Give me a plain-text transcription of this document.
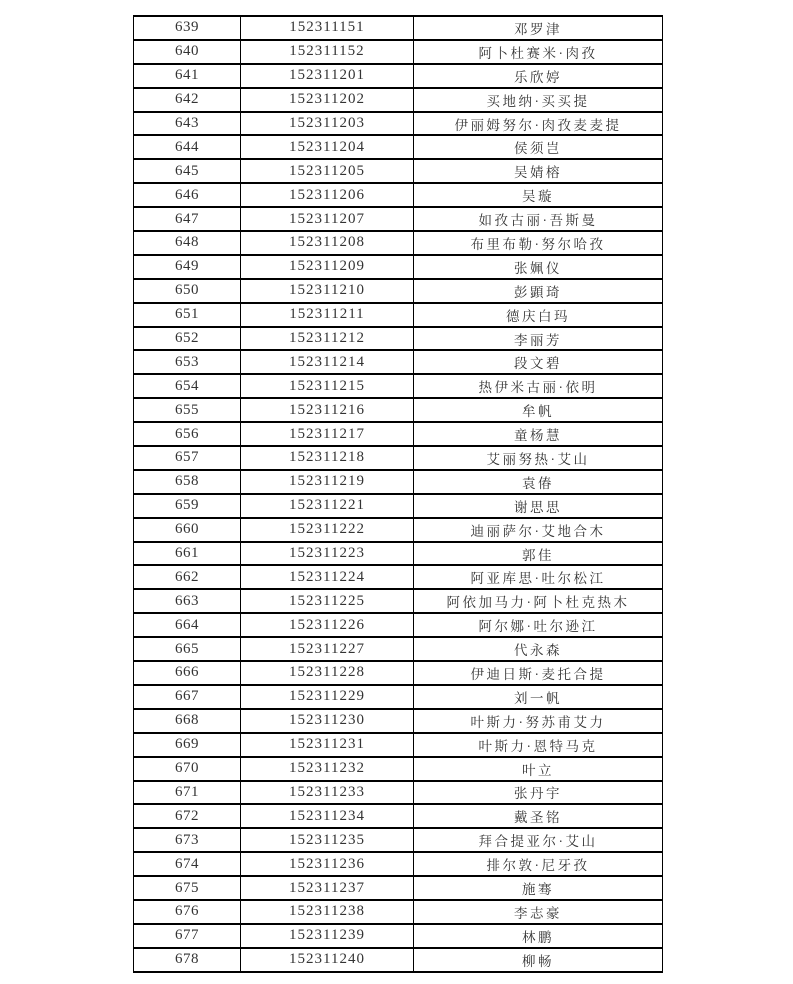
639	152311151	邓罗津
640	152311152	阿卜杜赛米·肉孜
641	152311201	乐欣婷
642	152311202	买地纳·买买提
643	152311203	伊丽姆努尔·肉孜麦麦提
644	152311204	侯须岂
645	152311205	吴婧榕
646	152311206	吴璇
647	152311207	如孜古丽·吾斯曼
648	152311208	布里布勒·努尔哈孜
649	152311209	张姵仪
650	152311210	彭顕琦
651	152311211	德庆白玛
652	152311212	李丽芳
653	152311214	段文碧
654	152311215	热伊米古丽·依明
655	152311216	牟帆
656	152311217	童杨慧
657	152311218	艾丽努热·艾山
658	152311219	袁偆
659	152311221	谢思思
660	152311222	迪丽萨尔·艾地合木
661	152311223	郭佳
662	152311224	阿亚库思·吐尔松江
663	152311225	阿依加马力·阿卜杜克热木
664	152311226	阿尔娜·吐尔逊江
665	152311227	代永森
666	152311228	伊迪日斯·麦托合提
667	152311229	刘一帆
668	152311230	叶斯力·努苏甫艾力
669	152311231	叶斯力·恩特马克
670	152311232	叶立
671	152311233	张丹宇
672	152311234	戴圣铭
673	152311235	拜合提亚尔·艾山
674	152311236	排尔敦·尼牙孜
675	152311237	施骞
676	152311238	李志豪
677	152311239	林鹏
678	152311240	柳畅
